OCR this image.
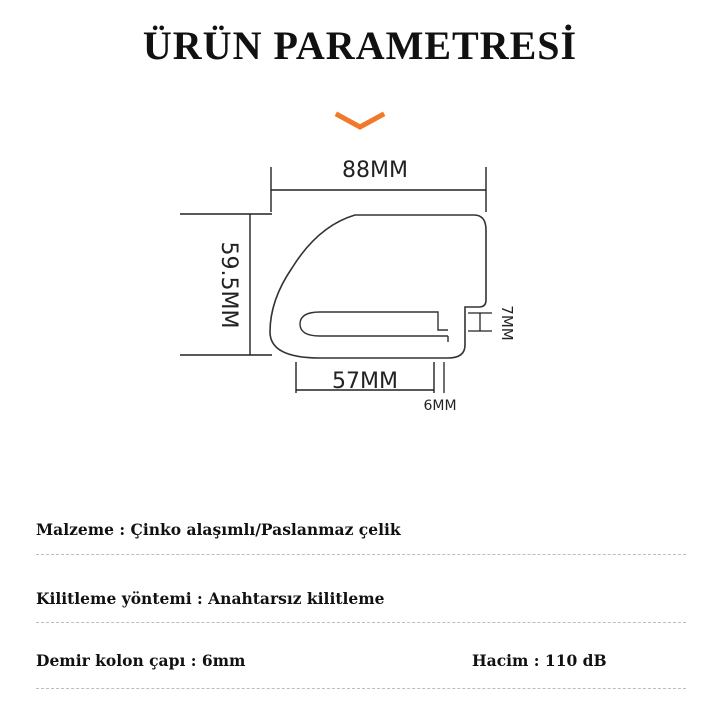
ÜRÜN PARAMETRESİ
88MM
59.5MM	7MM
57MM
6MM
Malzeme : Çinko alaşımlı/Paslanmaz çelik
Kilitleme yöntemi : Anahtarsız kilitleme
Demir kolon çapı : 6mm	Hacim : 110 dB
